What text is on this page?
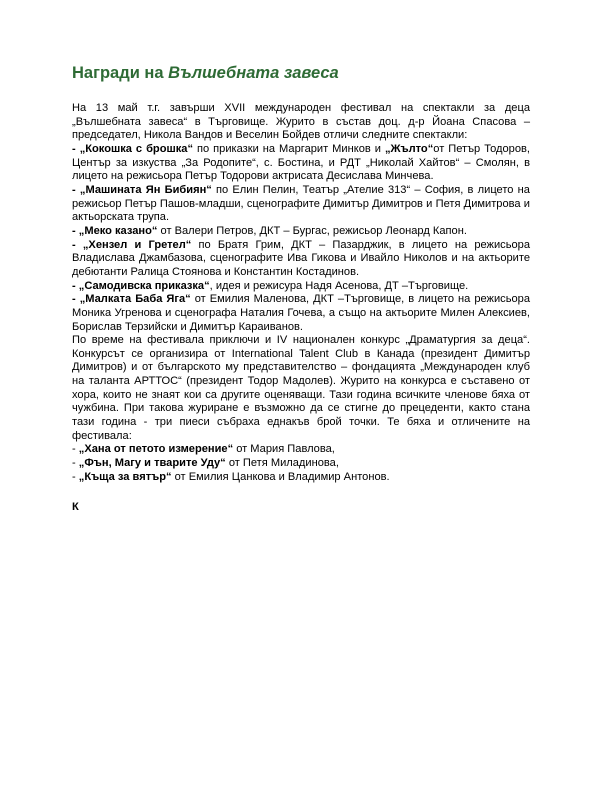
Награди на Вълшебната завеса

На 13 май т.г. завърши XVII международен фестивал на спектакли за деца „Вълшебната завеса“ в Търговище. Журито в състав доц. д-р Йоана Спасова – председател, Никола Вандов и Веселин Бойдев отличи следните спектакли:

- „Кокошка с брошка“ по приказки на Маргарит Минков и „Жълто“от Петър Тодоров, Център за изкуства „За Родопите“, с. Бостина, и РДТ „Николай Хайтов“ – Смолян, в лицето на режисьора Петър Тодорови актрисата Десислава Минчева.

- „Машината Ян Бибиян“ по Елин Пелин, Театър „Ателие 313“ – София, в лицето на режисьор Петър Пашов-младши, сценографите Димитър Димитров и Петя Димитрова и актьорската трупа.

- „Меко казано“ от Валери Петров, ДКТ – Бургас, режисьор Леонард Капон.

- „Хензел и Гретел“ по Братя Грим, ДКТ – Пазарджик, в лицето на режисьора Владислава Джамбазова, сценографите Ива Гикова и Ивайло Николов и на актьорите дебютанти Ралица Стоянова и Константин Костадинов.

- „Самодивска приказка“, идея и режисура Надя Асенова, ДТ –Търговище.

- „Малката Баба Яга“ от Емилия Маленова, ДКТ –Търговище, в лицето на режисьора Моника Угренова и сценографа Наталия Гочева, а също на актьорите Милен Алексиев, Борислав Терзийски и Димитър Караиванов.

По време на фестивала приключи и IV национален конкурс „Драматургия за деца“. Конкурсът се организира от International Talent Club в Канада (президент Димитър Димитров) и от българското му представителство – фондацията „Международен клуб на таланта АРТТОС“ (президент Тодор Мадолев). Журито на конкурса е съставено от хора, които не знаят кои са другите оценяващи. Тази година всичките членове бяха от чужбина. При такова журиране е възможно да се стигне до прецеденти, както стана тази година - три пиеси събраха еднакъв брой точки. Те бяха и отличените на фестивала:

- „Хана от петото измерение“ от Мария Павлова,

- „Фън, Магу и тварите Уду“ от Петя Миладинова,

- „Къща за вятър“ от Емилия Цанкова и Владимир Антонов.

К
